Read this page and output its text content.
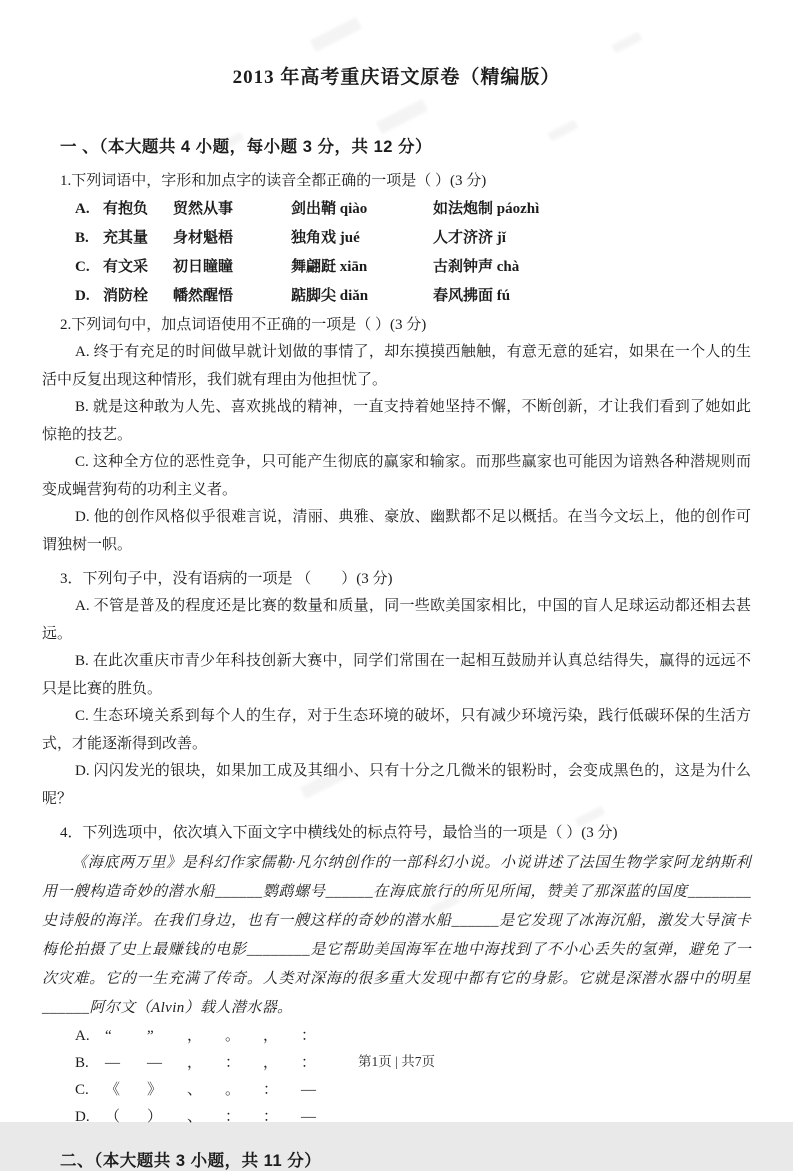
2013 年高考重庆语文原卷（精编版）
一 、（本大题共 4 小题，每小题 3 分，共 12 分）

1.下列词语中，字形和加点字的读音全都正确的一项是（ ）(3 分)

A. 有抱负	贸然从事	剑出鞘 qiào	如法炮制 páozhì
B. 充其量	身材魁梧	独角戏 jué	人才济济 jǐ
C. 有文采	初日瞳瞳	舞翩跹 xiān	古刹钟声 chà
D. 消防栓	幡然醒悟	踮脚尖 diǎn	春风拂面 fú

2.下列词句中，加点词语使用不正确的一项是（ ）(3 分)

A. 终于有充足的时间做早就计划做的事情了，却东摸摸西触触，有意无意的延宕，如果在一个人的生活中反复出现这种情形，我们就有理由为他担忧了。

B. 就是这种敢为人先、喜欢挑战的精神，一直支持着她坚持不懈，不断创新，才让我们看到了她如此惊艳的技艺。

C. 这种全方位的恶性竞争，只可能产生彻底的赢家和输家。而那些赢家也可能因为谙熟各种潜规则而变成蝇营狗苟的功利主义者。

D. 他的创作风格似乎很难言说，清丽、典雅、豪放、幽默都不足以概括。在当今文坛上，他的创作可谓独树一帜。

3．下列句子中，没有语病的一项是 （　　）(3 分)

A. 不管是普及的程度还是比赛的数量和质量，同一些欧美国家相比，中国的盲人足球运动都还相去甚远。

B. 在此次重庆市青少年科技创新大赛中，同学们常围在一起相互鼓励并认真总结得失，赢得的远远不只是比赛的胜负。

C. 生态环境关系到每个人的生存，对于生态环境的破坏，只有减少环境污染，践行低碳环保的生活方式，才能逐渐得到改善。

D. 闪闪发光的银块，如果加工成及其细小、只有十分之几微米的银粉时，会变成黑色的，这是为什么呢？

4．下列选项中，依次填入下面文字中横线处的标点符号，最恰当的一项是（ ）(3 分)

《海底两万里》是科幻作家儒勒·凡尔纳创作的一部科幻小说。小说讲述了法国生物学家阿龙纳斯利用一艘构造奇妙的潜水船______鹦鹉螺号______在海底旅行的所见所闻，赞美了那深蓝的国度________史诗般的海洋。在我们身边，也有一艘这样的奇妙的潜水船______是它发现了冰海沉船，激发大导演卡梅伦拍摄了史上最赚钱的电影________是它帮助美国海军在地中海找到了不小心丢失的氢弹，避免了一次灾难。它的一生充满了传奇。人类对深海的很多重大发现中都有它的身影。它就是深潜水器中的明星______阿尔文（Alvin）载人潜水器。

A.	“	”	，	。	，	：
B.	—	—	，	：	，	：
C.	《	》	、	。	：	—
D.	（	）	、	：	：	—
二、（本大题共 3 小题，共 11 分）
第1页 | 共7页
